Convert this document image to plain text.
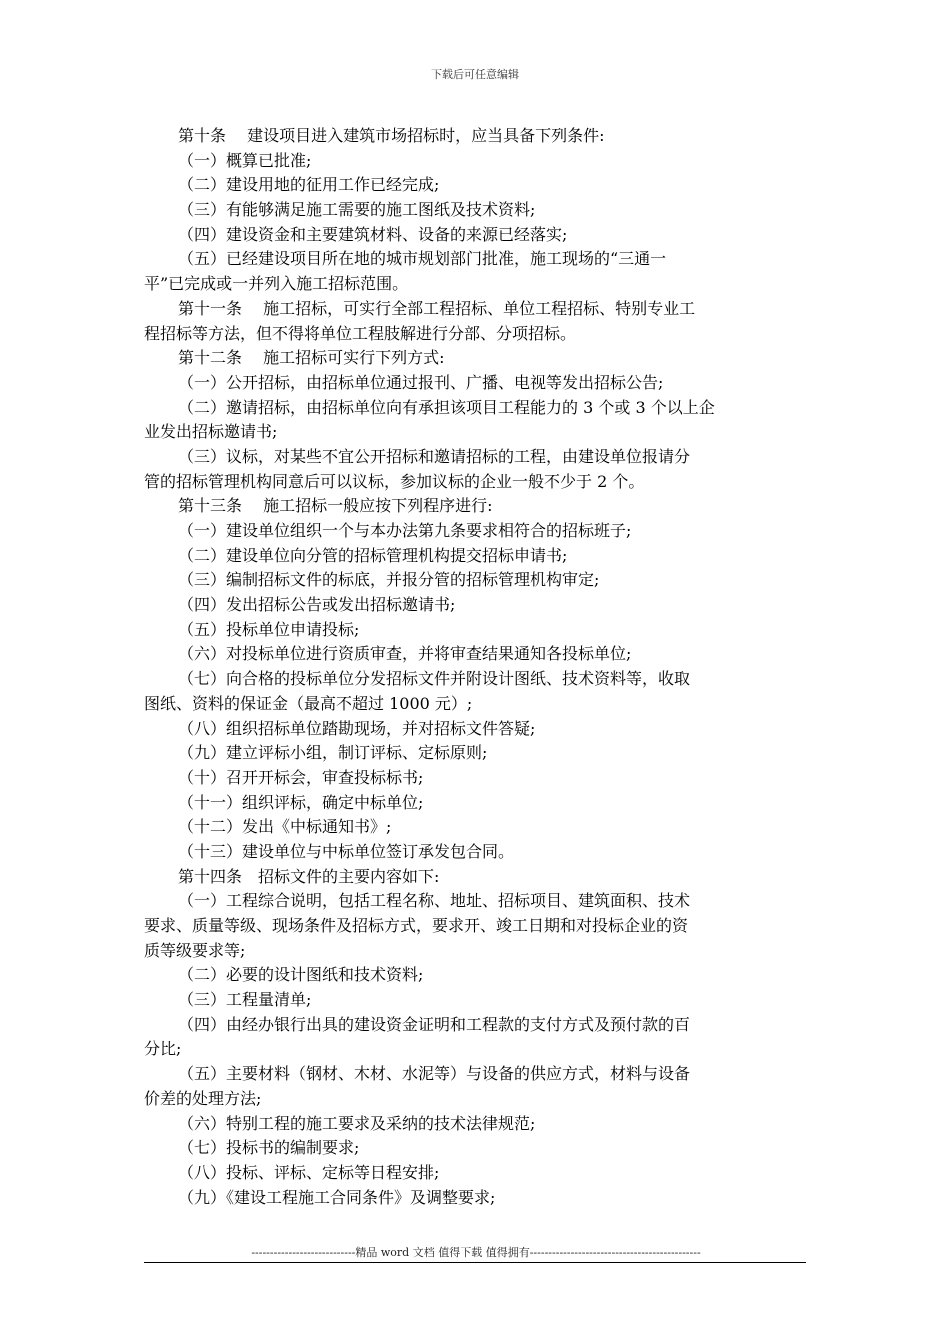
下载后可任意编辑
第十条　 建设项目进入建筑市场招标时，应当具备下列条件:
（一）概算已批准;
（二）建设用地的征用工作已经完成;
（三）有能够满足施工需要的施工图纸及技术资料;
（四）建设资金和主要建筑材料、设备的来源已经落实;
（五）已经建设项目所在地的城市规划部门批准，施工现场的“三通一
平”已完成或一并列入施工招标范围。
第十一条　 施工招标，可实行全部工程招标、单位工程招标、特别专业工
程招标等方法，但不得将单位工程肢解进行分部、分项招标。
第十二条　 施工招标可实行下列方式:
（一）公开招标，由招标单位通过报刊、广播、电视等发出招标公告;
（二）邀请招标，由招标单位向有承担该项目工程能力的 3 个或 3 个以上企
业发出招标邀请书;
（三）议标，对某些不宜公开招标和邀请招标的工程，由建设单位报请分
管的招标管理机构同意后可以议标，参加议标的企业一般不少于 2 个。
第十三条　 施工招标一般应按下列程序进行:
（一）建设单位组织一个与本办法第九条要求相符合的招标班子;
（二）建设单位向分管的招标管理机构提交招标申请书;
（三）编制招标文件的标底，并报分管的招标管理机构审定;
（四）发出招标公告或发出招标邀请书;
（五）投标单位申请投标;
（六）对投标单位进行资质审查，并将审查结果通知各投标单位;
（七）向合格的投标单位分发招标文件并附设计图纸、技术资料等，收取
图纸、资料的保证金（最高不超过 1000 元）;
（八）组织招标单位踏勘现场，并对招标文件答疑;
（九）建立评标小组，制订评标、定标原则;
（十）召开开标会，审查投标标书;
（十一）组织评标，确定中标单位;
（十二）发出《中标通知书》;
（十三）建设单位与中标单位签订承发包合同。
第十四条　招标文件的主要内容如下:
（一）工程综合说明，包括工程名称、地址、招标项目、建筑面积、技术
要求、质量等级、现场条件及招标方式，要求开、竣工日期和对投标企业的资
质等级要求等;
（二）必要的设计图纸和技术资料;
（三）工程量清单;
（四）由经办银行出具的建设资金证明和工程款的支付方式及预付款的百
分比;
（五）主要材料（钢材、木材、水泥等）与设备的供应方式，材料与设备
价差的处理方法;
（六）特别工程的施工要求及采纳的技术法律规范;
（七）投标书的编制要求;
（八）投标、评标、定标等日程安排;
（九）《建设工程施工合同条件》及调整要求;
----------------------------精品 word 文档 值得下载 值得拥有----------------------------------------------
